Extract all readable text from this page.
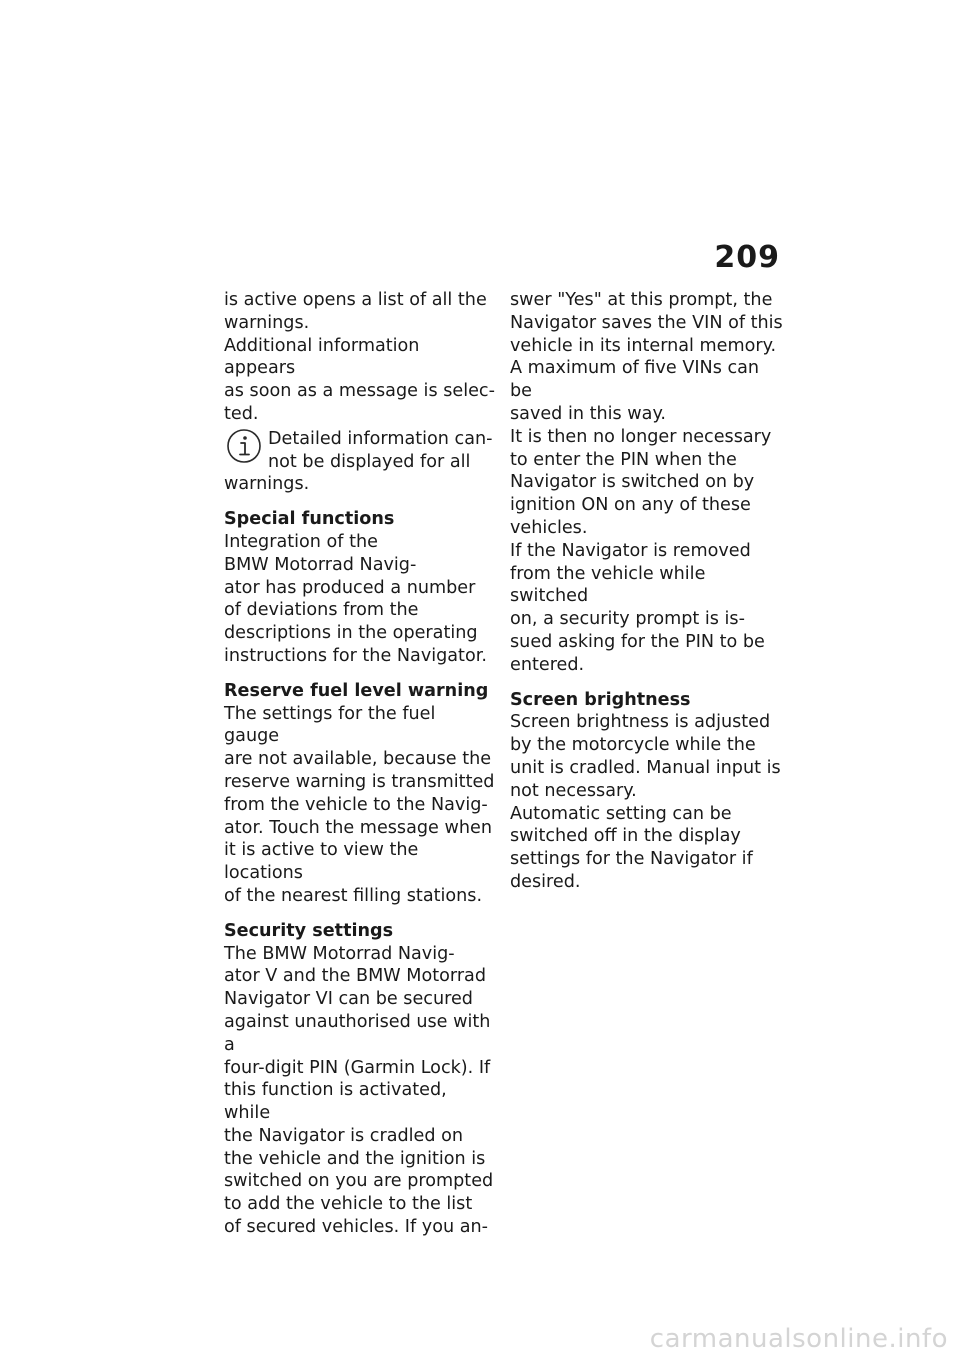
209

is active opens a list of all the
warnings.

Additional information appears
as soon as a message is selec-
ted.

Detailed information can-
not be displayed for all
warnings.
Special functions

Integration of the
BMW Motorrad Navig-
ator has produced a number
of deviations from the
descriptions in the operating
instructions for the Navigator.

Reserve fuel level warning

The settings for the fuel gauge
are not available, because the
reserve warning is transmitted
from the vehicle to the Navig-
ator. Touch the message when
it is active to view the locations
of the nearest filling stations.

Security settings

The BMW Motorrad Navig-
ator V and the BMW Motorrad
Navigator VI can be secured
against unauthorised use with a
four-digit PIN (Garmin Lock). If
this function is activated, while
the Navigator is cradled on
the vehicle and the ignition is
switched on you are prompted
to add the vehicle to the list
of secured vehicles. If you an-

swer "Yes" at this prompt, the
Navigator saves the VIN of this
vehicle in its internal memory.

A maximum of five VINs can be
saved in this way.

It is then no longer necessary
to enter the PIN when the
Navigator is switched on by
ignition ON on any of these
vehicles.

If the Navigator is removed
from the vehicle while switched
on, a security prompt is is-
sued asking for the PIN to be
entered.

Screen brightness

Screen brightness is adjusted
by the motorcycle while the
unit is cradled. Manual input is
not necessary.

Automatic setting can be
switched off in the display
settings for the Navigator if
desired.

carmanualsonline.info
